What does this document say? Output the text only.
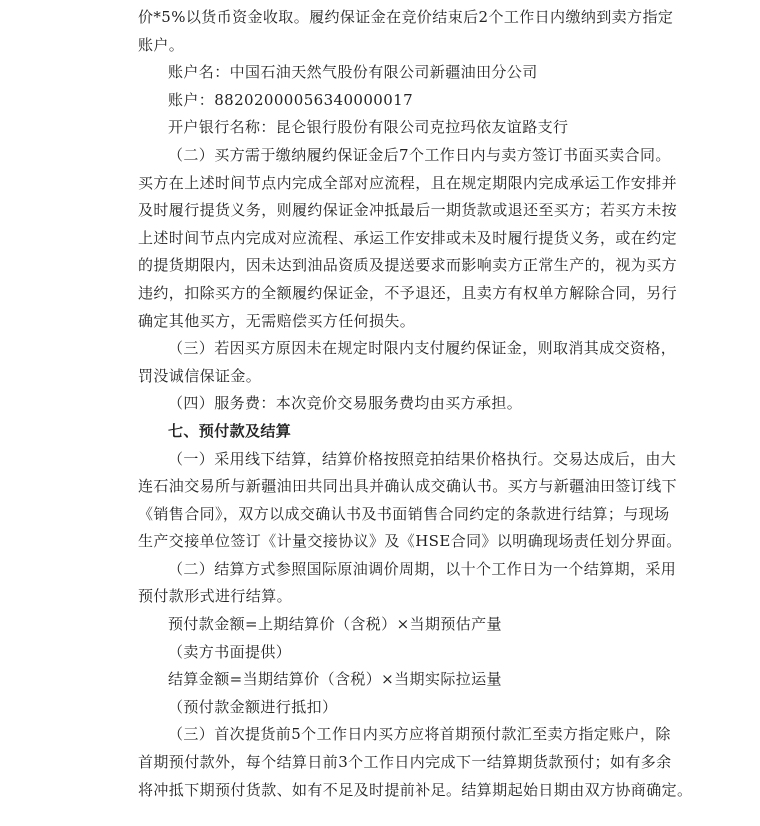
价*5%以货币资金收取。履约保证金在竞价结束后2个工作日内缴纳到卖方指定
账户。
账户名：中国石油天然气股份有限公司新疆油田分公司
账户：88202000056340000017
开户银行名称：昆仑银行股份有限公司克拉玛依友谊路支行
（二）买方需于缴纳履约保证金后7个工作日内与卖方签订书面买卖合同。
买方在上述时间节点内完成全部对应流程，且在规定期限内完成承运工作安排并
及时履行提货义务，则履约保证金冲抵最后一期货款或退还至买方；若买方未按
上述时间节点内完成对应流程、承运工作安排或未及时履行提货义务，或在约定
的提货期限内，因未达到油品资质及提送要求而影响卖方正常生产的，视为买方
违约，扣除买方的全额履约保证金，不予退还，且卖方有权单方解除合同，另行
确定其他买方，无需赔偿买方任何损失。
（三）若因买方原因未在规定时限内支付履约保证金，则取消其成交资格，
罚没诚信保证金。
（四）服务费：本次竞价交易服务费均由买方承担。
七、预付款及结算
（一）采用线下结算，结算价格按照竞拍结果价格执行。交易达成后，由大
连石油交易所与新疆油田共同出具并确认成交确认书。买方与新疆油田签订线下
《销售合同》，双方以成交确认书及书面销售合同约定的条款进行结算；与现场
生产交接单位签订《计量交接协议》及《HSE合同》以明确现场责任划分界面。
（二）结算方式参照国际原油调价周期，以十个工作日为一个结算期，采用
预付款形式进行结算。
预付款金额=上期结算价（含税）×当期预估产量
（卖方书面提供）
结算金额=当期结算价（含税）×当期实际拉运量
（预付款金额进行抵扣）
（三）首次提货前5个工作日内买方应将首期预付款汇至卖方指定账户，除
首期预付款外，每个结算日前3个工作日内完成下一结算期货款预付；如有多余
将冲抵下期预付货款、如有不足及时提前补足。结算期起始日期由双方协商确定。
